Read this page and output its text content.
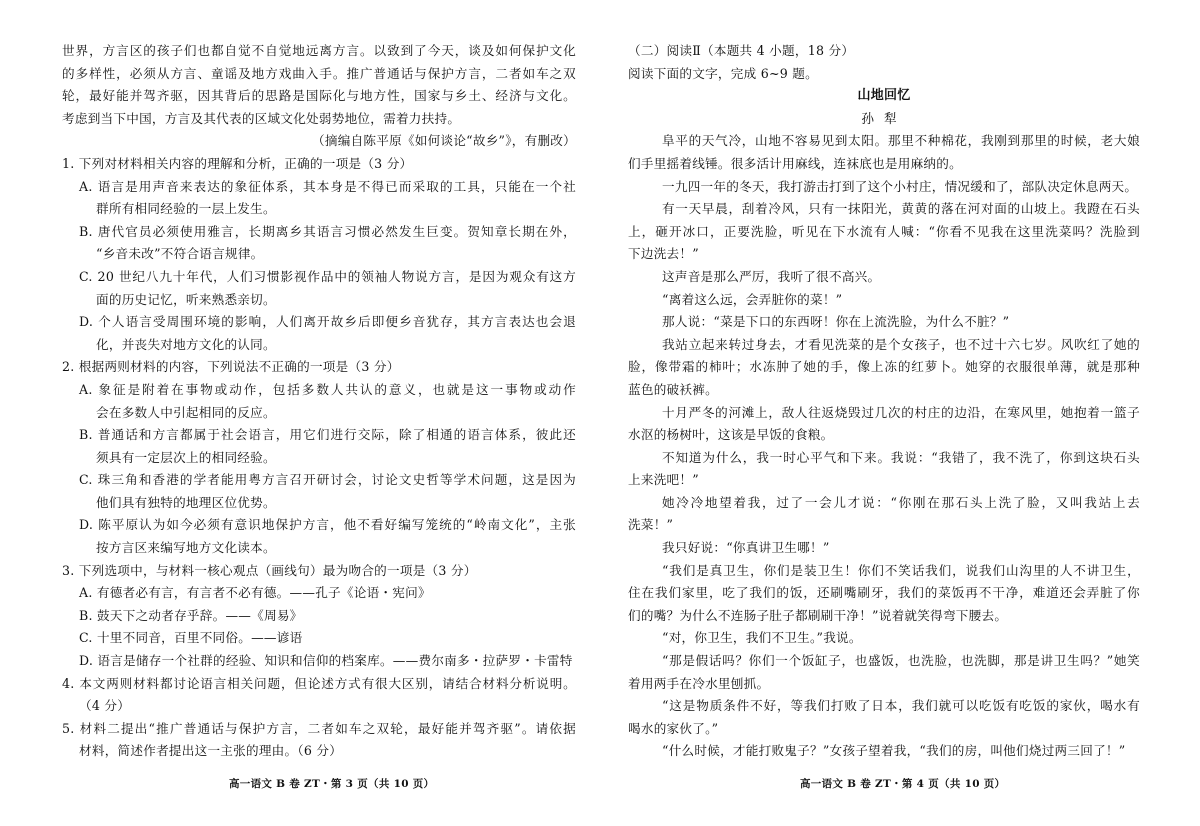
世界，方言区的孩子们也都自觉不自觉地远离方言。以致到了今天，谈及如何保护文化
的多样性，必须从方言、童谣及地方戏曲入手。推广普通话与保护方言，二者如车之双
轮，最好能并驾齐驱，因其背后的思路是国际化与地方性，国家与乡土、经济与文化。
考虑到当下中国，方言及其代表的区域文化处弱势地位，需着力扶持。
（摘编自陈平原《如何谈论“故乡”》，有删改）
1. 下列对材料相关内容的理解和分析，正确的一项是（3 分）
A. 语言是用声音来表达的象征体系，其本身是不得已而采取的工具，只能在一个社
群所有相同经验的一层上发生。
B. 唐代官员必须使用雅言，长期离乡其语言习惯必然发生巨变。贺知章长期在外，
“乡音未改”不符合语言规律。
C. 20 世纪八九十年代，人们习惯影视作品中的领袖人物说方言，是因为观众有这方
面的历史记忆，听来熟悉亲切。
D. 个人语言受周围环境的影响，人们离开故乡后即便乡音犹存，其方言表达也会退
化，并丧失对地方文化的认同。
2. 根据两则材料的内容，下列说法不正确的一项是（3 分）
A. 象征是附着在事物或动作，包括多数人共认的意义，也就是这一事物或动作
会在多数人中引起相同的反应。
B. 普通话和方言都属于社会语言，用它们进行交际，除了相通的语言体系，彼此还
须具有一定层次上的相同经验。
C. 珠三角和香港的学者能用粤方言召开研讨会，讨论文史哲等学术问题，这是因为
他们具有独特的地理区位优势。
D. 陈平原认为如今必须有意识地保护方言，他不看好编写笼统的“岭南文化”，主张
按方言区来编写地方文化读本。
3. 下列选项中，与材料一核心观点（画线句）最为吻合的一项是（3 分）
A. 有德者必有言，有言者不必有德。——孔子《论语・宪问》
B. 鼓天下之动者存乎辞。——《周易》
C. 十里不同音，百里不同俗。——谚语
D. 语言是储存一个社群的经验、知识和信仰的档案库。——费尔南多・拉萨罗・卡雷特
4. 本文两则材料都讨论语言相关问题，但论述方式有很大区别，请结合材料分析说明。
（4 分）
5. 材料二提出“推广普通话与保护方言，二者如车之双轮，最好能并驾齐驱”。请依据
材料，简述作者提出这一主张的理由。（6 分）
（二）阅读Ⅱ（本题共 4 小题，18 分）
阅读下面的文字，完成 6~9 题。
山地回忆
孙犁
阜平的天气冷，山地不容易见到太阳。那里不种棉花，我刚到那里的时候，老大娘
们手里摇着线锤。很多活计用麻线，连袜底也是用麻纳的。
一九四一年的冬天，我打游击打到了这个小村庄，情况缓和了，部队决定休息两天。
有一天早晨，刮着冷风，只有一抹阳光，黄黄的落在河对面的山坡上。我蹬在石头
上，砸开冰口，正要洗脸，听见在下水流有人喊：“你看不见我在这里洗菜吗？洗脸到
下边洗去！”
这声音是那么严厉，我听了很不高兴。
“离着这么远，会弄脏你的菜！”
那人说：“菜是下口的东西呀！你在上流洗脸，为什么不脏？”
我站立起来转过身去，才看见洗菜的是个女孩子，也不过十六七岁。风吹红了她的
脸，像带霜的柿叶；水冻肿了她的手，像上冻的红萝卜。她穿的衣服很单薄，就是那种
蓝色的破袄裤。
十月严冬的河滩上，敌人往返烧毁过几次的村庄的边沿，在寒风里，她抱着一篮子
水沤的杨树叶，这该是早饭的食粮。
不知道为什么，我一时心平气和下来。我说：“我错了，我不洗了，你到这块石头
上来洗吧！”
她冷冷地望着我，过了一会儿才说：“你刚在那石头上洗了脸，又叫我站上去
洗菜！”
我只好说：“你真讲卫生哪！”
“我们是真卫生，你们是装卫生！你们不笑话我们，说我们山沟里的人不讲卫生，
住在我们家里，吃了我们的饭，还刷嘴刷牙，我们的菜饭再不干净，难道还会弄脏了你
们的嘴？为什么不连肠子肚子都刷刷干净！”说着就笑得弯下腰去。
“对，你卫生，我们不卫生。”我说。
“那是假话吗？你们一个饭缸子，也盛饭，也洗脸，也洗脚，那是讲卫生吗？”她笑
着用两手在冷水里刨抓。
“这是物质条件不好，等我们打败了日本，我们就可以吃饭有吃饭的家伙，喝水有
喝水的家伙了。”
“什么时候，才能打败鬼子？”女孩子望着我，“我们的房，叫他们烧过两三回了！”
高一语文 B 卷 ZT・第 3 页（共 10 页）	高一语文 B 卷 ZT・第 4 页（共 10 页）
